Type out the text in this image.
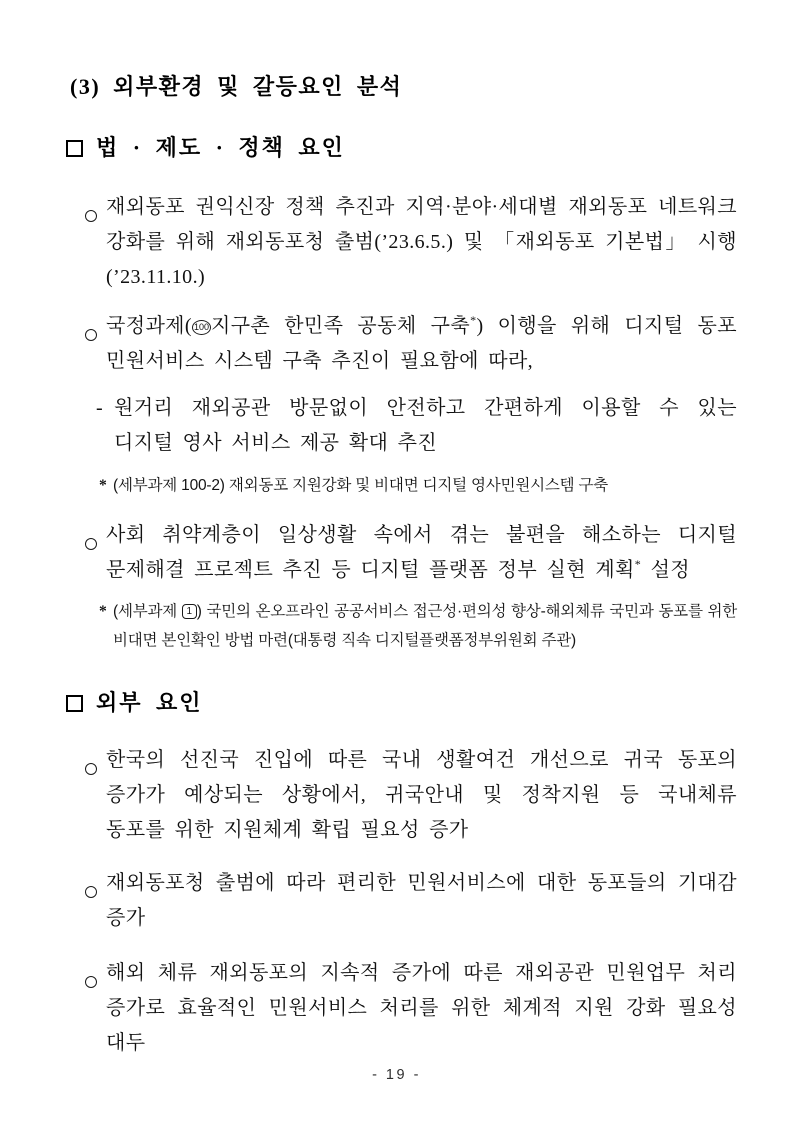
(3) 외부환경 및 갈등요인 분석
법 · 제도 · 정책 요인
재외동포 권익신장 정책 추진과 지역·분야·세대별 재외동포 네트워크 강화를 위해 재외동포청 출범(’23.6.5.) 및 「재외동포 기본법」 시행(’23.11.10.)
국정과제( 100 지구촌 한민족 공동체 구축*) 이행을 위해 디지털 동포 민원서비스 시스템 구축 추진이 필요함에 따라,
- 원거리 재외공관 방문없이 안전하고 간편하게 이용할 수 있는 디지털 영사 서비스 제공 확대 추진
* (세부과제 100-2) 재외동포 지원강화 및 비대면 디지털 영사민원시스템 구축
사회 취약계층이 일상생활 속에서 겪는 불편을 해소하는 디지털 문제해결 프로젝트 추진 등 디지털 플랫폼 정부 실현 계획* 설정
* (세부과제 1 ) 국민의 온오프라인 공공서비스 접근성·편의성 향상-해외체류 국민과 동포를 위한 비대면 본인확인 방법 마련(대통령 직속 디지털플랫폼정부위원회 주관)
외부 요인
한국의 선진국 진입에 따른 국내 생활여건 개선으로 귀국 동포의 증가가 예상되는 상황에서, 귀국안내 및 정착지원 등 국내체류 동포를 위한 지원체계 확립 필요성 증가
재외동포청 출범에 따라 편리한 민원서비스에 대한 동포들의 기대감 증가
해외 체류 재외동포의 지속적 증가에 따른 재외공관 민원업무 처리 증가로 효율적인 민원서비스 처리를 위한 체계적 지원 강화 필요성 대두
- 19 -
